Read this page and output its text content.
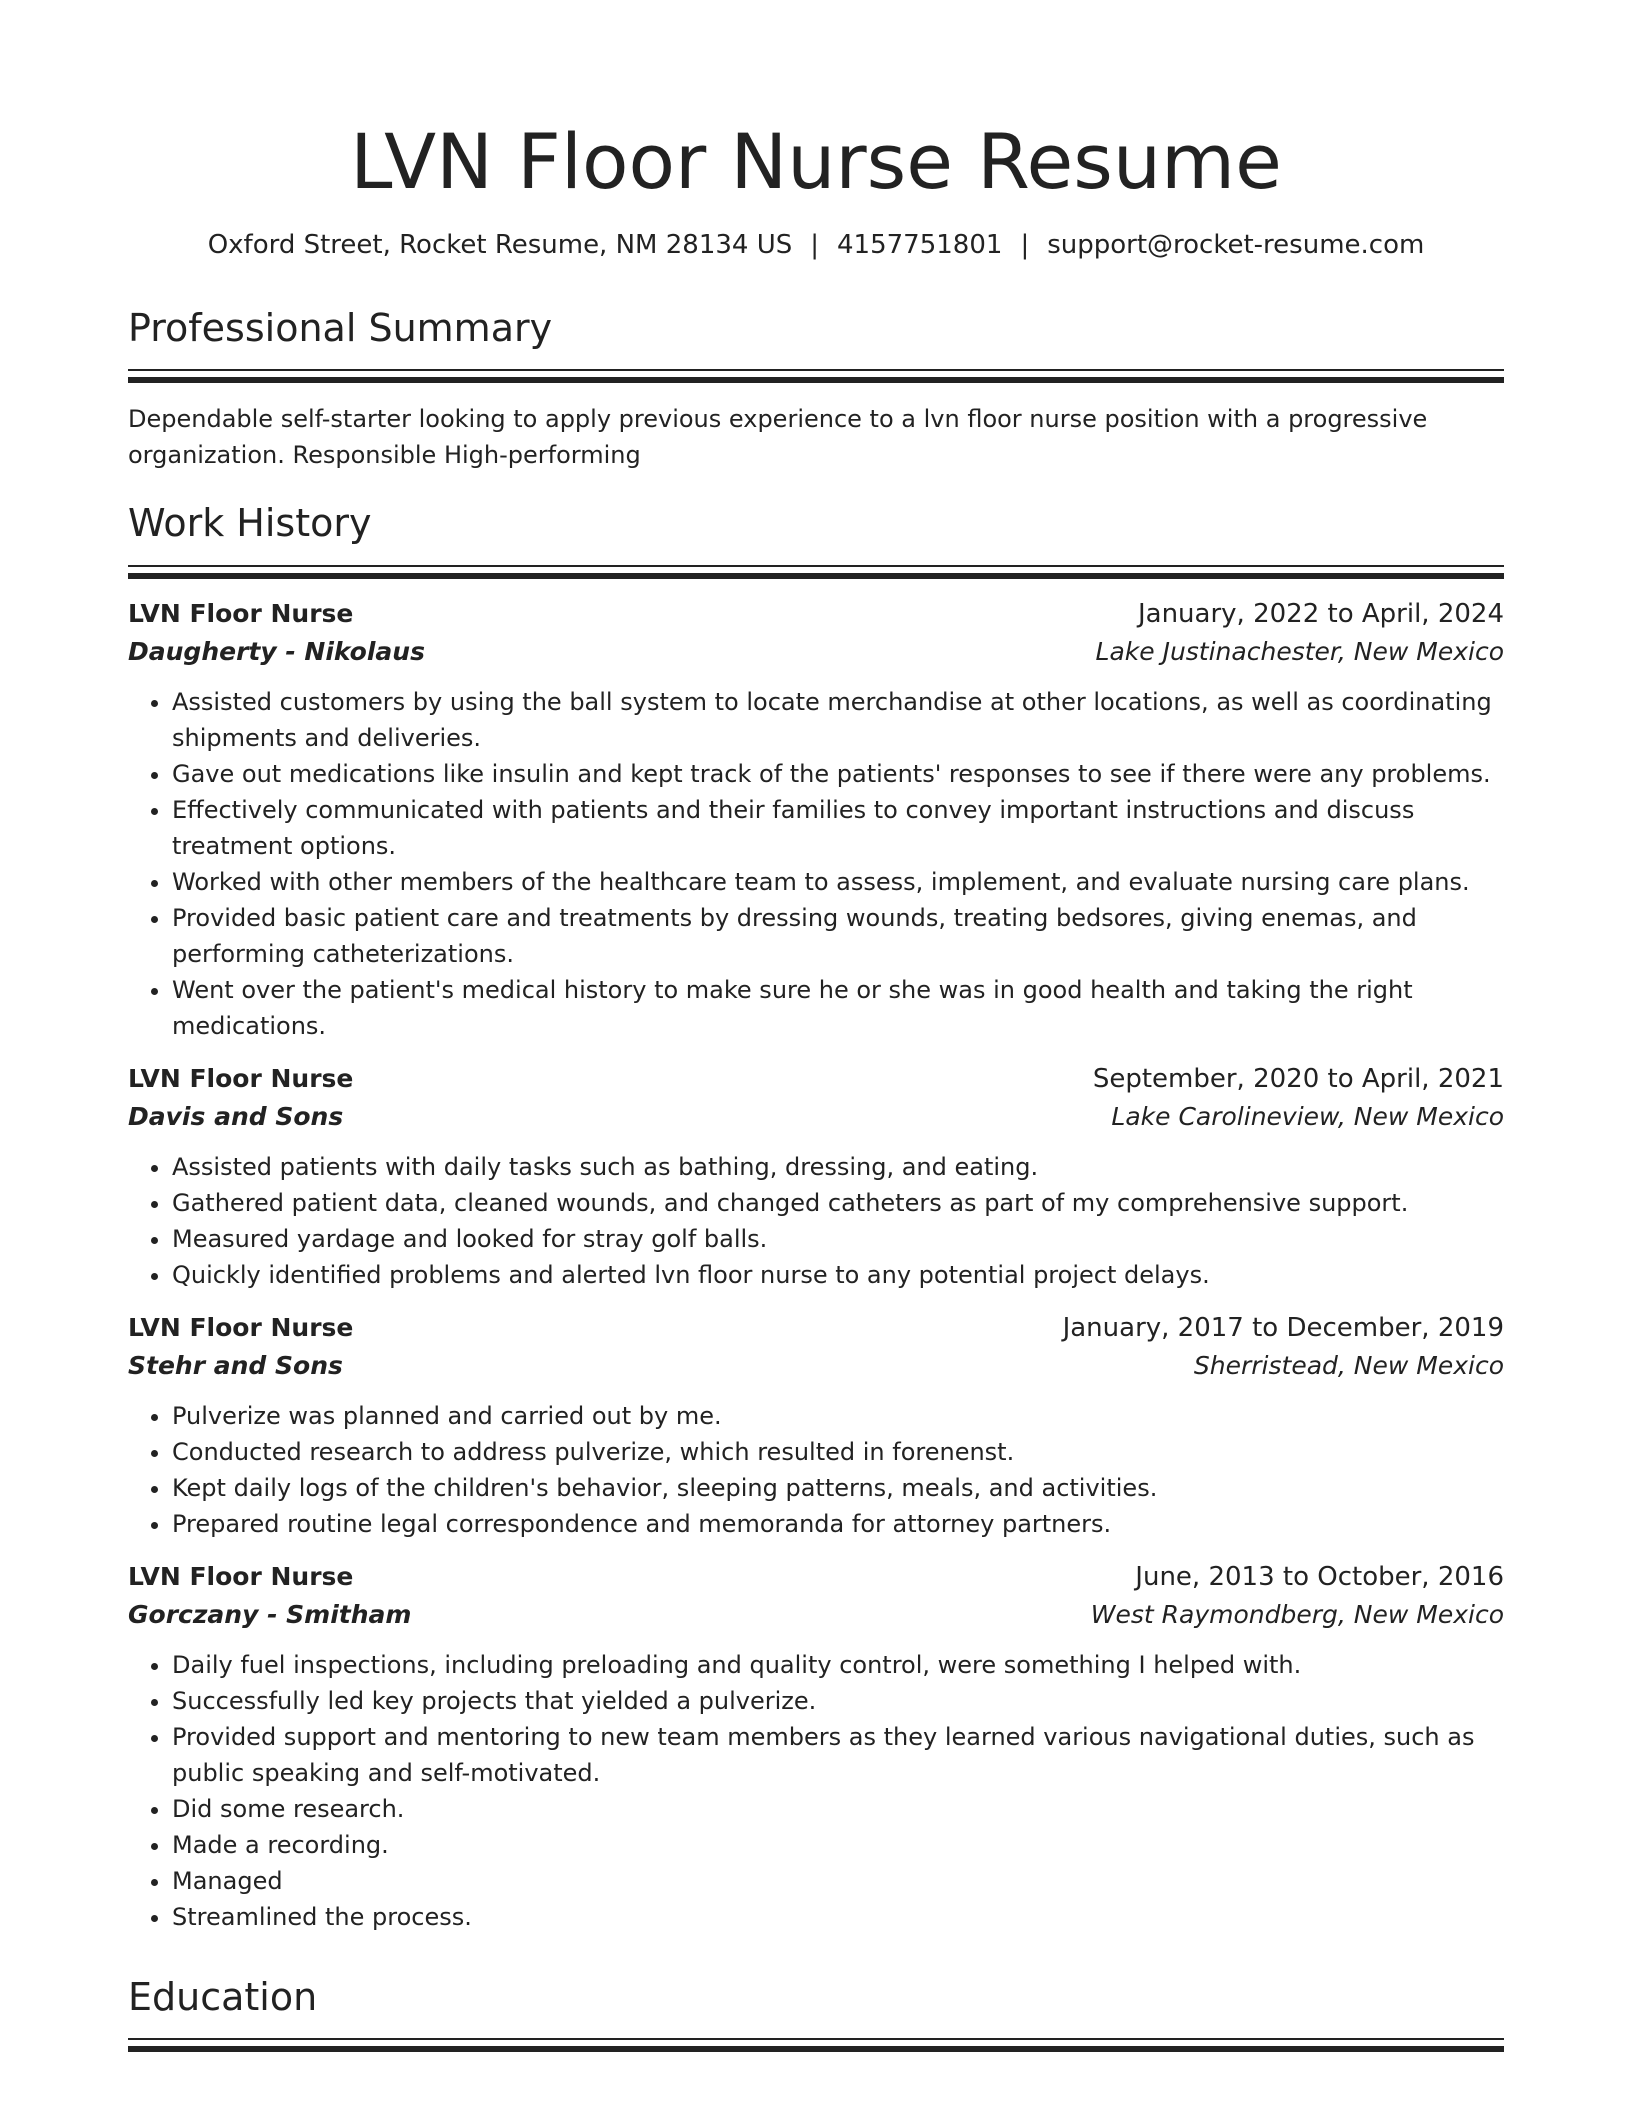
LVN Floor Nurse Resume
Oxford Street, Rocket Resume, NM 28134 US | 4157751801 | support@rocket-resume.com
Professional Summary
Dependable self-starter looking to apply previous experience to a lvn floor nurse position with a progressive organization. Responsible High-performing
Work History
LVN Floor Nurse	January, 2022 to April, 2024
Daugherty - Nikolaus	Lake Justinachester, New Mexico
• Assisted customers by using the ball system to locate merchandise at other locations, as well as coordinating shipments and deliveries.
• Gave out medications like insulin and kept track of the patients' responses to see if there were any problems.
• Effectively communicated with patients and their families to convey important instructions and discuss treatment options.
• Worked with other members of the healthcare team to assess, implement, and evaluate nursing care plans.
• Provided basic patient care and treatments by dressing wounds, treating bedsores, giving enemas, and performing catheterizations.
• Went over the patient's medical history to make sure he or she was in good health and taking the right medications.
LVN Floor Nurse	September, 2020 to April, 2021
Davis and Sons	Lake Carolineview, New Mexico
• Assisted patients with daily tasks such as bathing, dressing, and eating.
• Gathered patient data, cleaned wounds, and changed catheters as part of my comprehensive support.
• Measured yardage and looked for stray golf balls.
• Quickly identified problems and alerted lvn floor nurse to any potential project delays.
LVN Floor Nurse	January, 2017 to December, 2019
Stehr and Sons	Sherristead, New Mexico
• Pulverize was planned and carried out by me.
• Conducted research to address pulverize, which resulted in forenenst.
• Kept daily logs of the children's behavior, sleeping patterns, meals, and activities.
• Prepared routine legal correspondence and memoranda for attorney partners.
LVN Floor Nurse	June, 2013 to October, 2016
Gorczany - Smitham	West Raymondberg, New Mexico
• Daily fuel inspections, including preloading and quality control, were something I helped with.
• Successfully led key projects that yielded a pulverize.
• Provided support and mentoring to new team members as they learned various navigational duties, such as public speaking and self-motivated.
• Did some research.
• Made a recording.
• Managed
• Streamlined the process.
Education
